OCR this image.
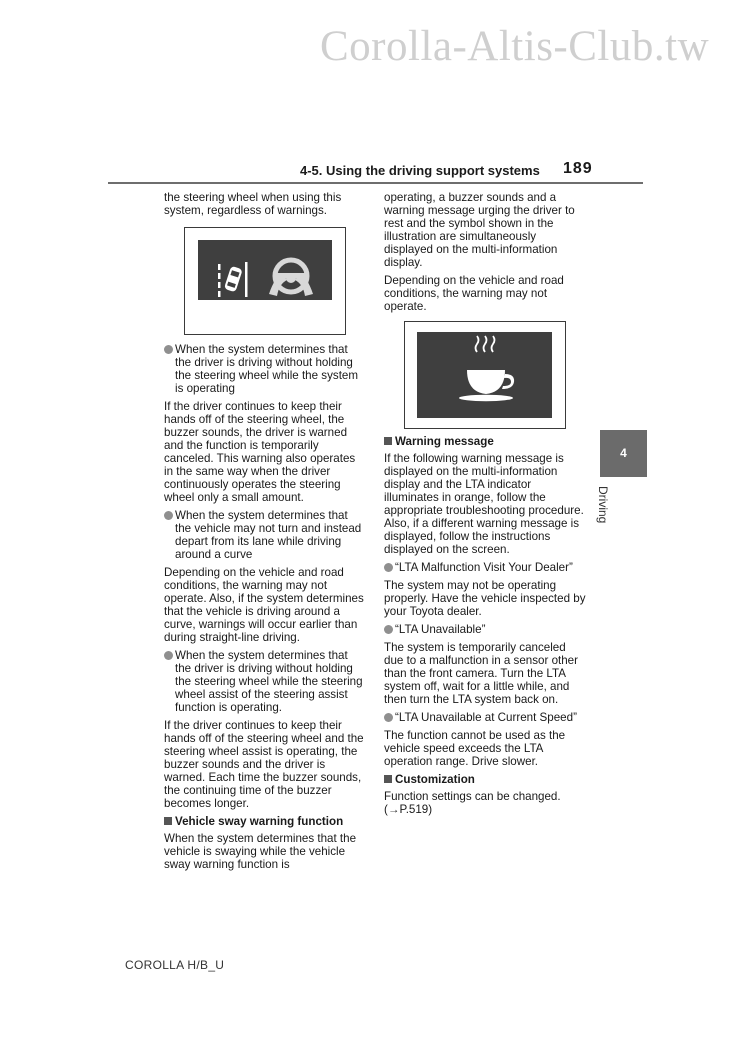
Corolla-Altis-Club.tw
4-5. Using the driving support systems 189

the steering wheel when using this system, regardless of warnings.

When the system determines that the driver is driving without holding the steering wheel while the system is operating

If the driver continues to keep their hands off of the steering wheel, the buzzer sounds, the driver is warned and the function is temporarily canceled. This warning also operates in the same way when the driver continuously operates the steering wheel only a small amount.

When the system determines that the vehicle may not turn and instead depart from its lane while driving around a curve

Depending on the vehicle and road conditions, the warning may not operate. Also, if the system determines that the vehicle is driving around a curve, warnings will occur earlier than during straight-line driving.

When the system determines that the driver is driving without holding the steering wheel while the steering wheel assist of the steering assist function is operating.

If the driver continues to keep their hands off of the steering wheel and the steering wheel assist is operating, the buzzer sounds and the driver is warned. Each time the buzzer sounds, the continuing time of the buzzer becomes longer.

Vehicle sway warning function

When the system determines that the vehicle is swaying while the vehicle sway warning function is

operating, a buzzer sounds and a warning message urging the driver to rest and the symbol shown in the illustration are simultaneously displayed on the multi-information display.

Depending on the vehicle and road conditions, the warning may not operate.

Warning message

If the following warning message is displayed on the multi-information display and the LTA indicator illuminates in orange, follow the appropriate troubleshooting procedure. Also, if a different warning message is displayed, follow the instructions displayed on the screen.

“LTA Malfunction Visit Your Dealer”

The system may not be operating properly. Have the vehicle inspected by your Toyota dealer.

“LTA Unavailable”

The system is temporarily canceled due to a malfunction in a sensor other than the front camera. Turn the LTA system off, wait for a little while, and then turn the LTA system back on.

“LTA Unavailable at Current Speed”

The function cannot be used as the vehicle speed exceeds the LTA operation range. Drive slower.

Customization

Function settings can be changed. (→P.519)

4
Driving
COROLLA H/B_U
